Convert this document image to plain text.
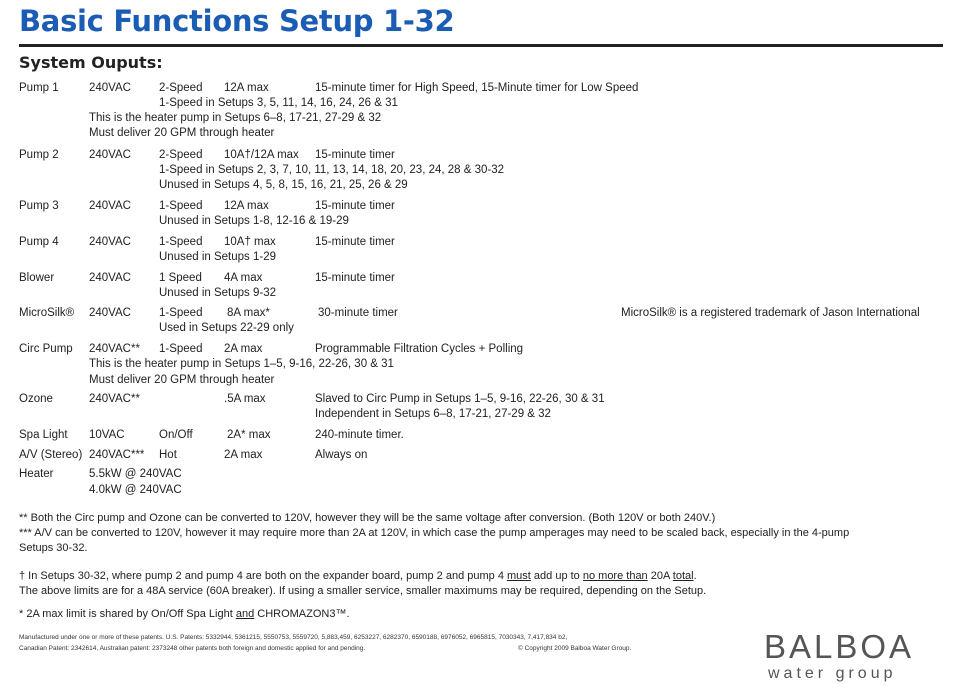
Basic Functions Setup 1-32
System Ouputs:
Pump 1	240VAC 2-Speed 12A max	15-minute timer for High Speed, 15-Minute timer for Low Speed
1-Speed in Setups 3, 5, 11, 14, 16, 24, 26 & 31
This is the heater pump in Setups 6–8, 17-21, 27-29 & 32
Must deliver 20 GPM through heater
Pump 2	240VAC 2-Speed 10A†/12A max 15-minute timer
1-Speed in Setups 2, 3, 7, 10, 11, 13, 14, 18, 20, 23, 24, 28 & 30-32
Unused in Setups 4, 5, 8, 15, 16, 21, 25, 26 & 29
Pump 3	240VAC 1-Speed 12A max	15-minute timer
Unused in Setups 1-8, 12-16 & 19-29
Pump 4	240VAC 1-Speed 10A† max	15-minute timer
Unused in Setups 1-29
Blower	240VAC 1 Speed 4A max	15-minute timer
Unused in Setups 9-32
MicroSilk® 240VAC 1-Speed 8A max*	30-minute timer	MicroSilk® is a registered trademark of Jason International
Used in Setups 22-29 only
Circ Pump 240VAC** 1-Speed 2A max	Programmable Filtration Cycles + Polling
This is the heater pump in Setups 1–5, 9-16, 22-26, 30 & 31
Must deliver 20 GPM through heater
Ozone	240VAC**	.5A max	Slaved to Circ Pump in Setups 1–5, 9-16, 22-26, 30 & 31
Independent in Setups 6–8, 17-21, 27-29 & 32
Spa Light 10VAC	On/Off	2A* max	240-minute timer.
A/V (Stereo) 240VAC*** Hot	2A max	Always on
Heater	5.5kW @ 240VAC
4.0kW @ 240VAC
** Both the Circ pump and Ozone can be converted to 120V, however they will be the same voltage after conversion. (Both 120V or both 240V.)
*** A/V can be converted to 120V, however it may require more than 2A at 120V, in which case the pump amperages may need to be scaled back, especially in the 4-pump
Setups 30-32.
† In Setups 30-32, where pump 2 and pump 4 are both on the expander board, pump 2 and pump 4 must add up to no more than 20A total.
The above limits are for a 48A service (60A breaker). If using a smaller service, smaller maximums may be required, depending on the Setup.
* 2A max limit is shared by On/Off Spa Light and CHROMAZON3™.
Manufactured under one or more of these patents. U.S. Patents: 5332944, 5361215, 5550753, 5559720, 5,883,459, 6253227, 6282370, 6590188, 6976052, 6965815, 7030343, 7,417,834 b2,
Canadian Patent: 2342614, Australian patent: 2373248 other patents both foreign and domestic applied for and pending.	© Copyright 2009 Balboa Water Group.	BALBOA
water group
